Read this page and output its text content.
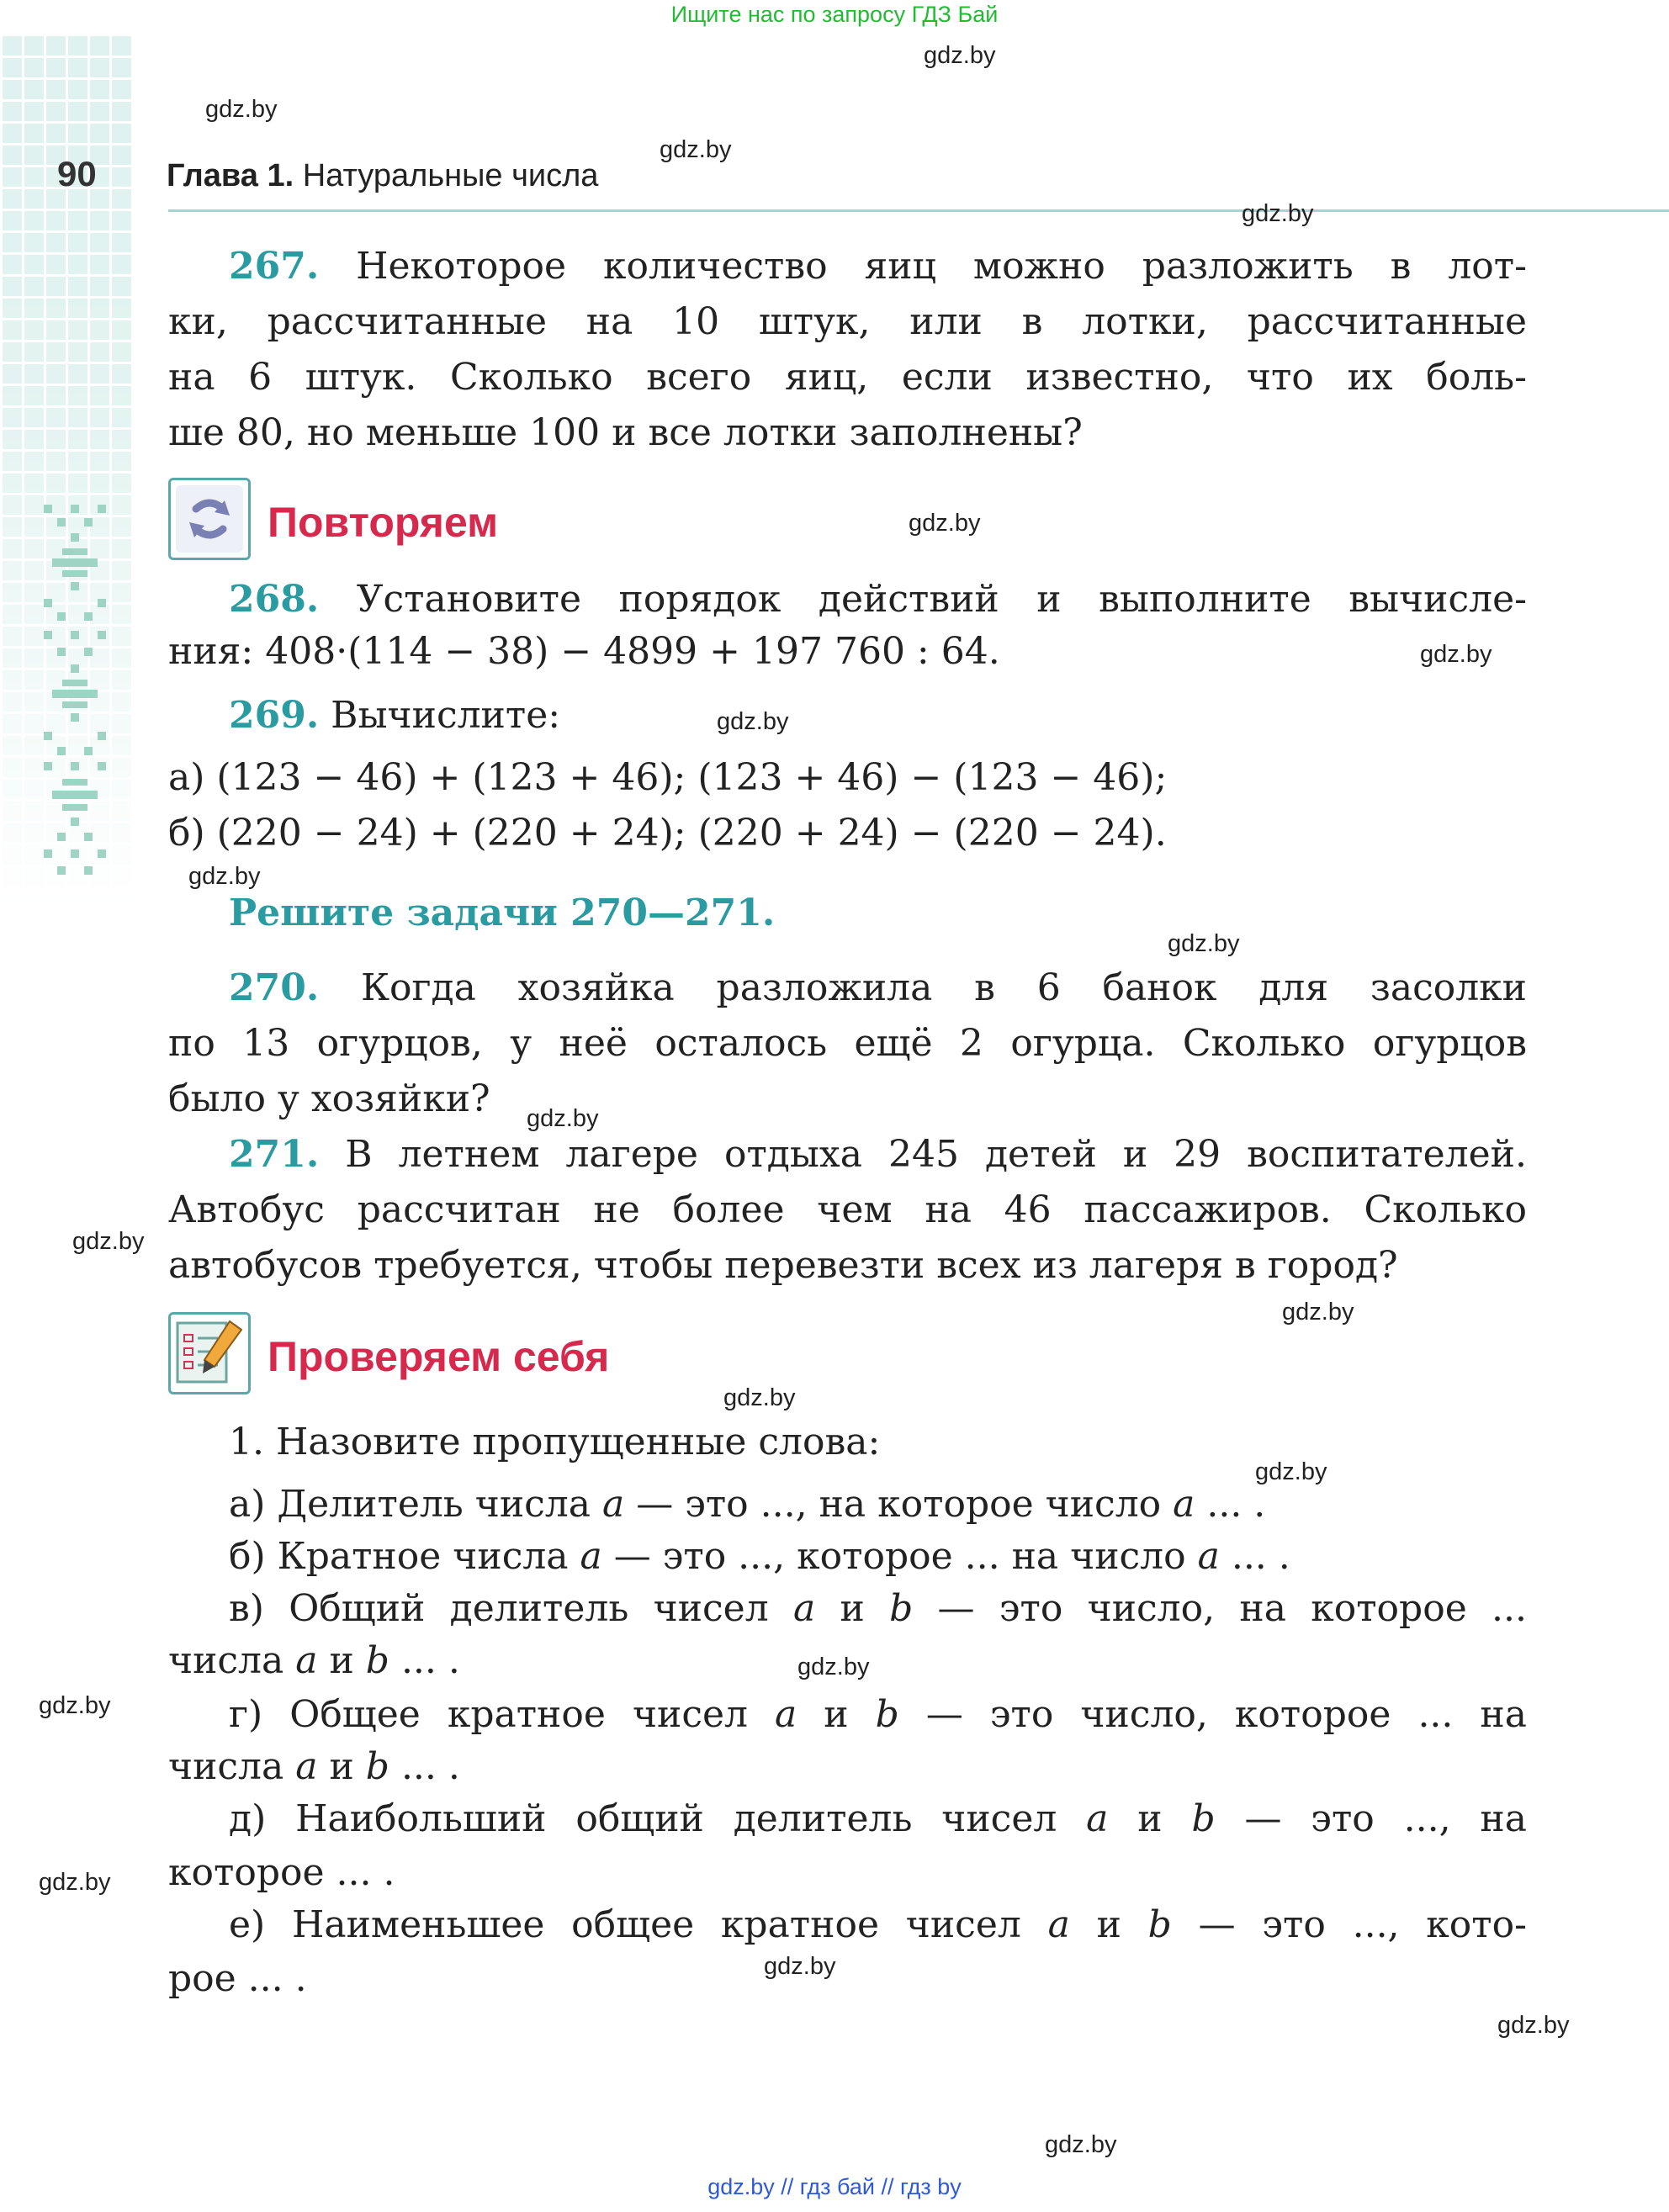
Ищите нас по запросу ГДЗ Бай
90 Глава 1. Натуральные числа
267. Некоторое количество яиц можно разложить в лот-
ки, рассчитанные на 10 штук, или в лотки, рассчитанные
на 6 штук. Сколько всего яиц, если известно, что их боль-
ше 80, но меньше 100 и все лотки заполнены?
Повторяем
268. Установите порядок действий и выполните вычисле-
ния: 408·(114 − 38) − 4899 + 197 760 : 64.
269. Вычислите:
а) (123 − 46) + (123 + 46); (123 + 46) − (123 − 46);
б) (220 − 24) + (220 + 24); (220 + 24) − (220 − 24).
Решите задачи 270—271.
270. Когда хозяйка разложила в 6 банок для засолки
по 13 огурцов, у неё осталось ещё 2 огурца. Сколько огурцов
было у хозяйки?
271. В летнем лагере отдыха 245 детей и 29 воспитателей.
Автобус рассчитан не более чем на 46 пассажиров. Сколько
автобусов требуется, чтобы перевезти всех из лагеря в город?
Проверяем себя
1. Назовите пропущенные слова:
а) Делитель числа a — это ..., на которое число a ... .
б) Кратное числа a — это ..., которое ... на число a ... .
в) Общий делитель чисел a и b — это число, на которое ...
числа a и b ... .
г) Общее кратное чисел a и b — это число, которое ... на
числа a и b ... .
д) Наибольший общий делитель чисел a и b — это ..., на
которое ... .
е) Наименьшее общее кратное чисел a и b — это ..., кото-
рое ... .
gdz.by
gdz.by
gdz.by
gdz.by
gdz.by
gdz.by
gdz.by
gdz.by
gdz.by
gdz.by
gdz.by
gdz.by
gdz.by
gdz.by
gdz.by
gdz.by
gdz.by
gdz.by
gdz.by
gdz.by
gdz.by // гдз бай // гдз by
